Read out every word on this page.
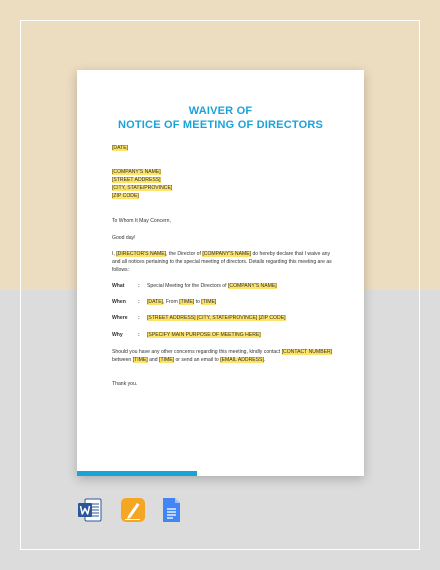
WAIVER OF
NOTICE OF MEETING OF DIRECTORS
[DATE]
[COMPANY'S NAME]
[STREET ADDRESS]
[CITY, STATE/PROVINCE]
[ZIP CODE]
To Whom It May Concern,
Good day!
I, [DIRECTOR'S NAME], the Director of [COMPANY'S NAME] do hereby declare that I waive any and all notices pertaining to the special meeting of directors. Details regarding this meeting are as follows:
What	: Special Meeting for the Directors of [COMPANY'S NAME]
When : [DATE], From [TIME] to [TIME]
Where : [STREET ADDRESS] [CITY, STATE/PROVINCE] [ZIP CODE]
Why	: [SPECIFY MAIN PURPOSE OF MEETING HERE]
Should you have any other concerns regarding this meeting, kindly contact [CONTACT NUMBER] between [TIME] and [TIME] or send an email to [EMAIL ADDRESS].
Thank you.
